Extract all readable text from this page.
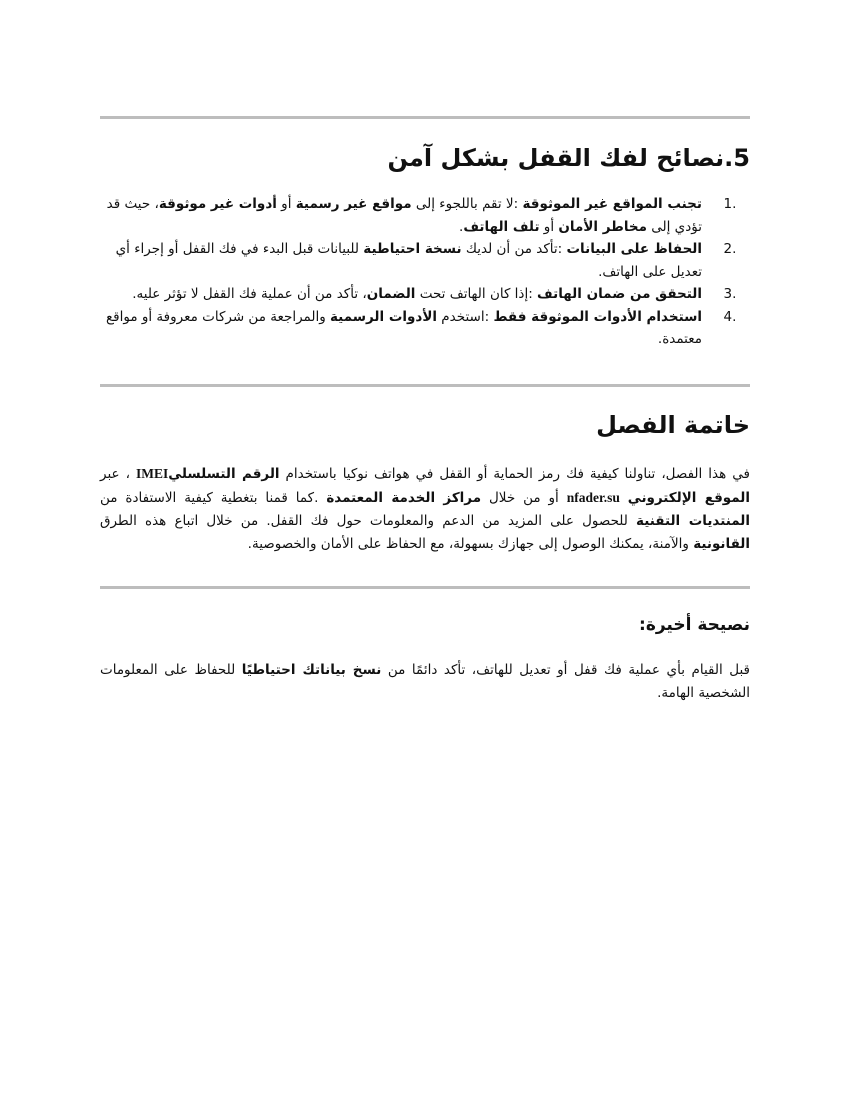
5.نصائح لفك القفل بشكل آمن
1.
تجنب المواقع غير الموثوقة :لا تقم باللجوء إلى مواقع غير رسمية أو أدوات غير موثوقة، حيث قد تؤدي إلى مخاطر الأمان أو تلف الهاتف.
2.
الحفاظ على البيانات :تأكد من أن لديك نسخة احتياطية للبيانات قبل البدء في فك القفل أو إجراء أي تعديل على الهاتف.
3.
التحقق من ضمان الهاتف :إذا كان الهاتف تحت الضمان، تأكد من أن عملية فك القفل لا تؤثر عليه.
4.
استخدام الأدوات الموثوقة فقط :استخدم الأدوات الرسمية والمراجعة من شركات معروفة أو مواقع معتمدة.
خاتمة الفصل

في هذا الفصل، تناولنا كيفية فك رمز الحماية أو القفل في هواتف نوكيا باستخدام الرقم التسلسليIMEI ، عبر الموقع الإلكتروني nfader.su أو من خلال مراكز الخدمة المعتمدة .كما قمنا بتغطية كيفية الاستفادة من المنتديات التقنية للحصول على المزيد من الدعم والمعلومات حول فك القفل. من خلال اتباع هذه الطرق القانونية والآمنة، يمكنك الوصول إلى جهازك بسهولة، مع الحفاظ على الأمان والخصوصية.

نصيحة أخيرة:

قبل القيام بأي عملية فك قفل أو تعديل للهاتف، تأكد دائمًا من نسخ بياناتك احتياطيًا للحفاظ على المعلومات الشخصية الهامة.
